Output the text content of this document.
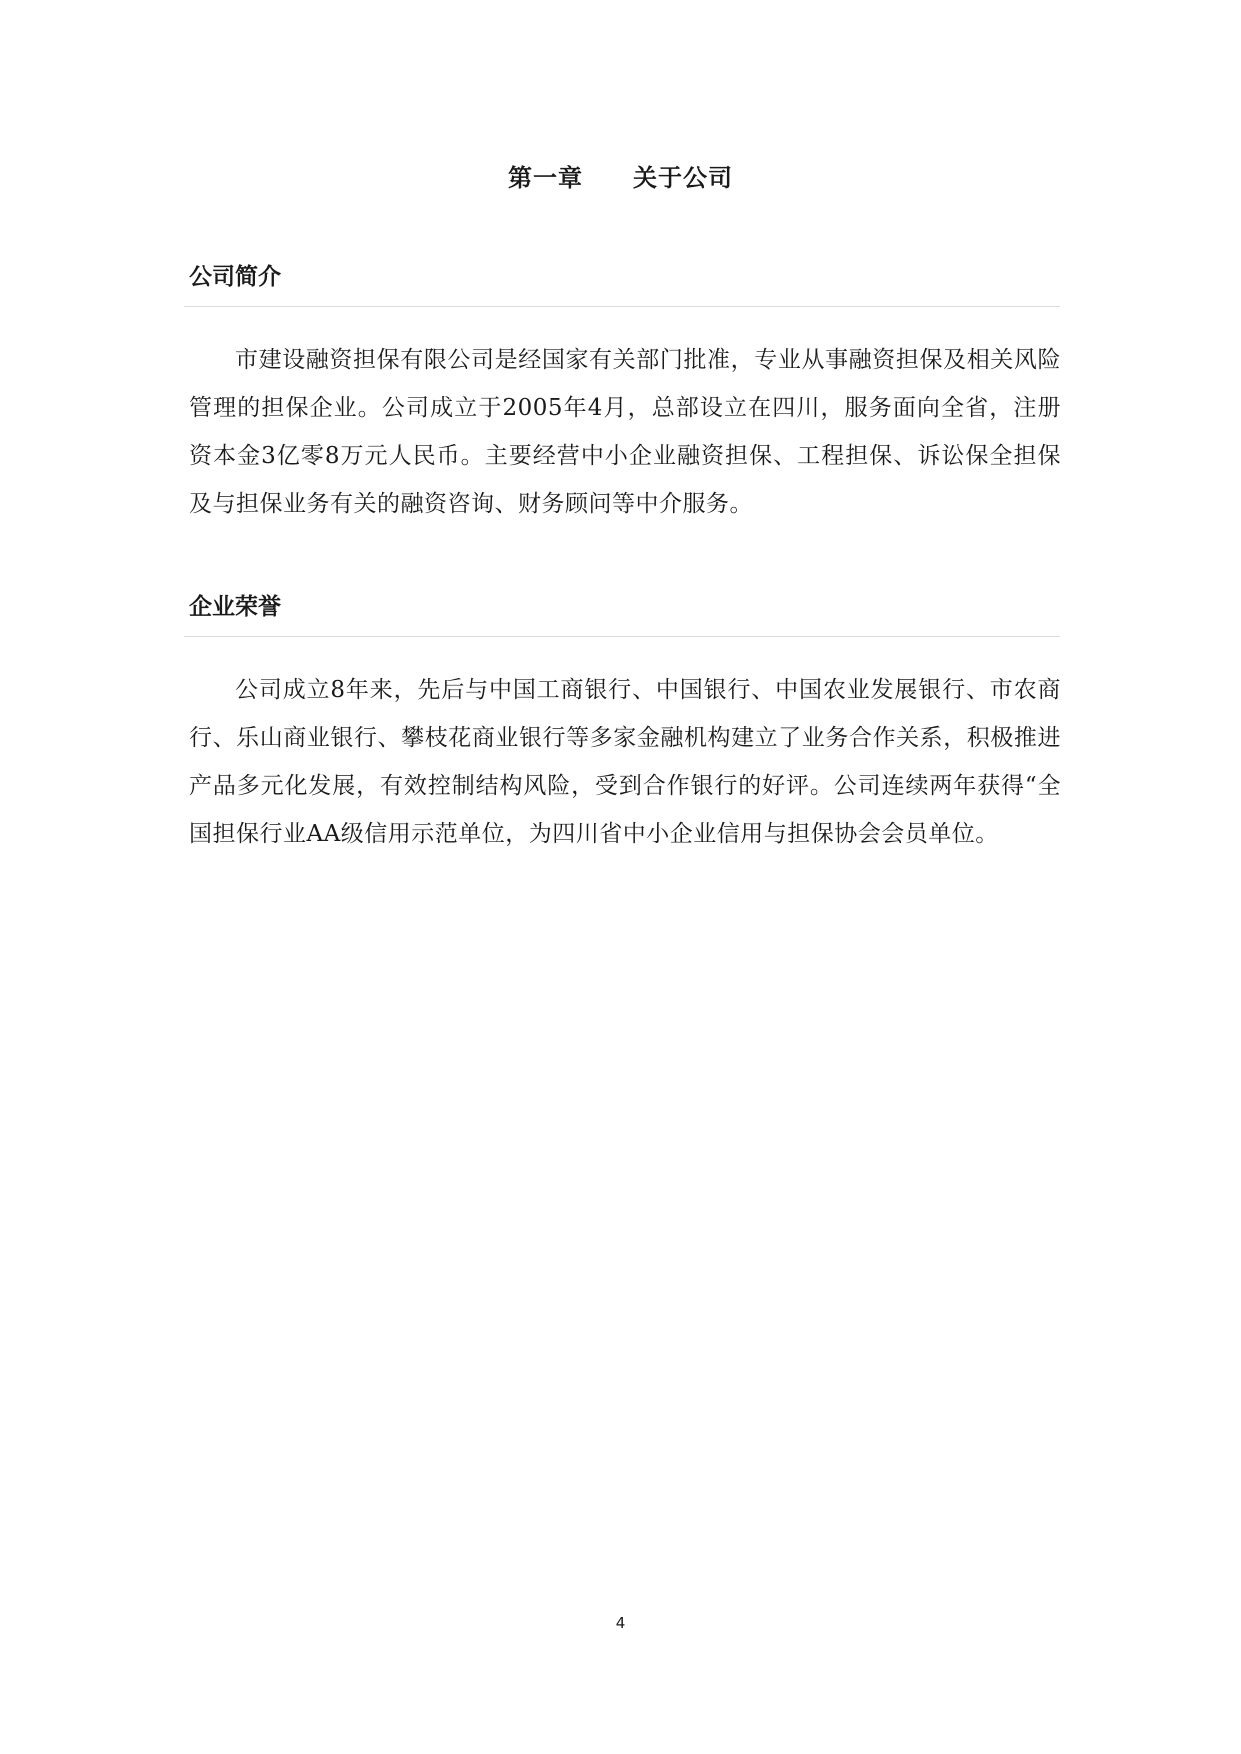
第一章　　关于公司
公司简介
市建设融资担保有限公司是经国家有关部门批准，专业从事融资担保及相关风险管理的担保企业。公司成立于2005年4月，总部设立在四川，服务面向全省，注册资本金3亿零8万元人民币。主要经营中小企业融资担保、工程担保、诉讼保全担保及与担保业务有关的融资咨询、财务顾问等中介服务。
企业荣誉
公司成立8年来，先后与中国工商银行、中国银行、中国农业发展银行、市农商行、乐山商业银行、攀枝花商业银行等多家金融机构建立了业务合作关系，积极推进产品多元化发展，有效控制结构风险，受到合作银行的好评。公司连续两年获得“全国担保行业AA级信用示范单位，为四川省中小企业信用与担保协会会员单位。
4
